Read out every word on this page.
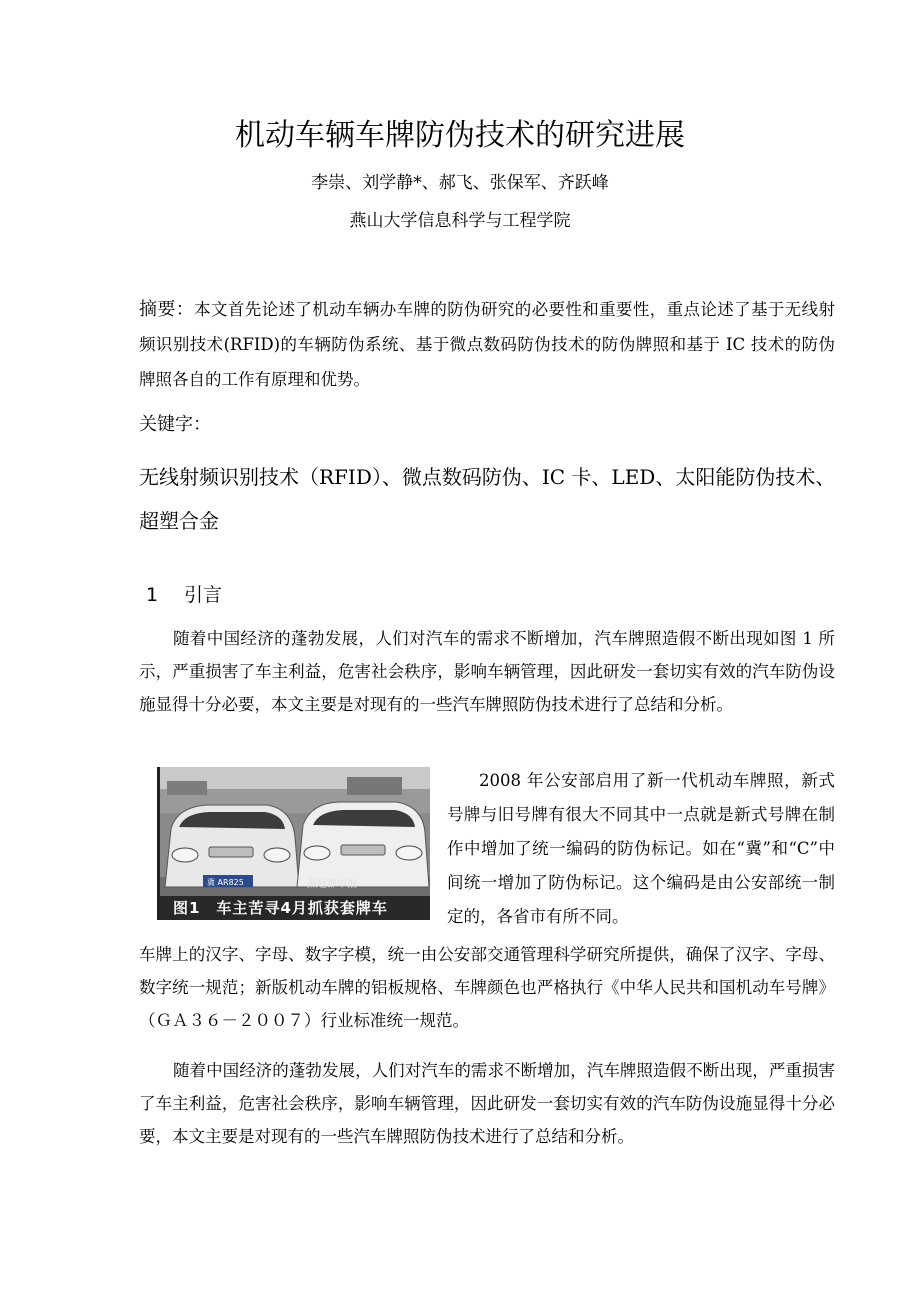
机动车辆车牌防伪技术的研究进展
李崇、刘学静*、郝飞、张保军、齐跃峰
燕山大学信息科学与工程学院
摘要：本文首先论述了机动车辆办车牌的防伪研究的必要性和重要性，重点论述了基于无线射频识别技术(RFID)的车辆防伪系统、基于微点数码防伪技术的防伪牌照和基于 IC 技术的防伪牌照各自的工作有原理和优势。
关键字：
无线射频识别技术（RFID）、微点数码防伪、IC 卡、LED、太阳能防伪技术、超塑合金
1 引言
随着中国经济的蓬勃发展，人们对汽车的需求不断增加，汽车牌照造假不断出现如图 1 所示，严重损害了车主利益，危害社会秩序，影响车辆管理，因此研发一套切实有效的汽车防伪设施显得十分必要，本文主要是对现有的一些汽车牌照防伪技术进行了总结和分析。
冀 AR825	燕赵都市报
图1　车主苦寻4月抓获套牌车
2008 年公安部启用了新一代机动车牌照，新式号牌与旧号牌有很大不同其中一点就是新式号牌在制作中增加了统一编码的防伪标记。如在“冀”和“C”中间统一增加了防伪标记。这个编码是由公安部统一制定的，各省市有所不同。
车牌上的汉字、字母、数字字模，统一由公安部交通管理科学研究所提供，确保了汉字、字母、数字统一规范；新版机动车牌的铝板规格、车牌颜色也严格执行《中华人民共和国机动车号牌》（ＧＡ３６－２００７）行业标准统一规范。
随着中国经济的蓬勃发展，人们对汽车的需求不断增加，汽车牌照造假不断出现，严重损害了车主利益，危害社会秩序，影响车辆管理，因此研发一套切实有效的汽车防伪设施显得十分必要，本文主要是对现有的一些汽车牌照防伪技术进行了总结和分析。
